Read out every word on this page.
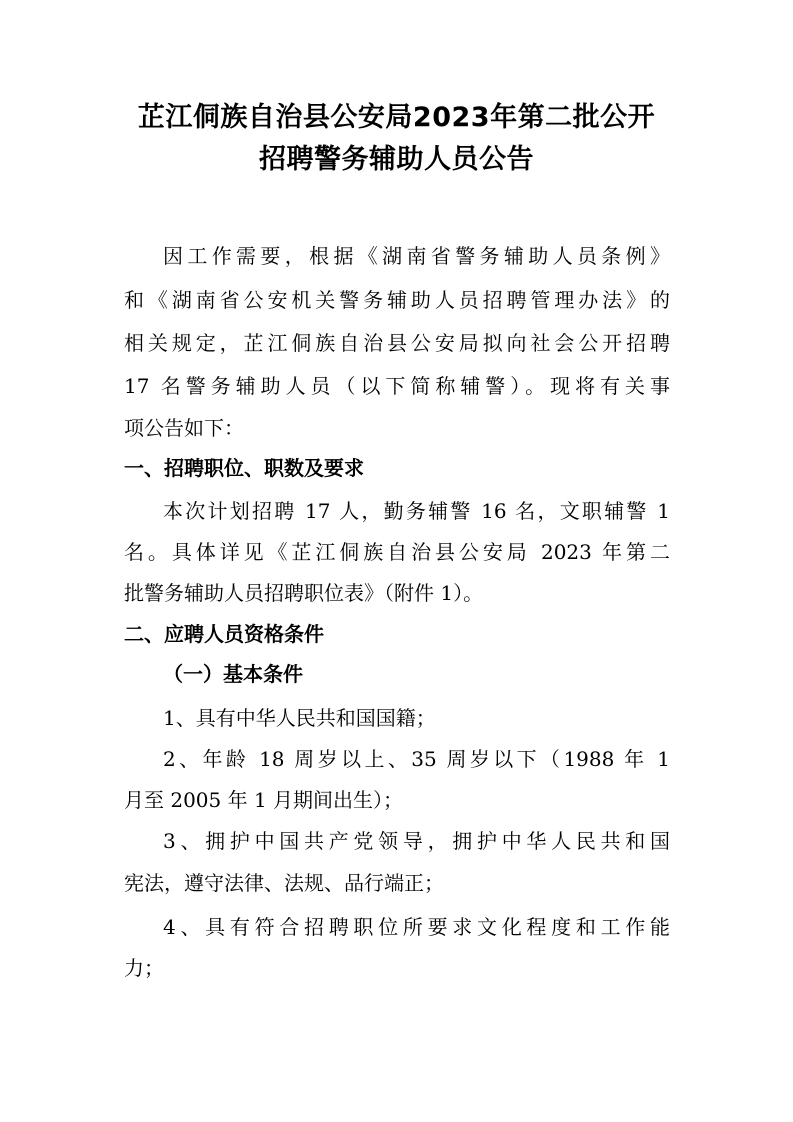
芷江侗族自治县公安局2023年第二批公开
招聘警务辅助人员公告
因工作需要，根据《湖南省警务辅助人员条例》
和《湖南省公安机关警务辅助人员招聘管理办法》的
相关规定，芷江侗族自治县公安局拟向社会公开招聘
17 名警务辅助人员（以下简称辅警）。现将有关事
项公告如下：
一、招聘职位、职数及要求
本次计划招聘 17 人，勤务辅警 16 名，文职辅警 1
名。具体详见《芷江侗族自治县公安局 2023 年第二
批警务辅助人员招聘职位表》（附件 1）。
二、应聘人员资格条件
（一）基本条件
1、具有中华人民共和国国籍；
2、年龄 18 周岁以上、35 周岁以下（1988 年 1
月至 2005 年 1 月期间出生）；
3、拥护中国共产党领导，拥护中华人民共和国
宪法，遵守法律、法规、品行端正；
4、具有符合招聘职位所要求文化程度和工作能
力；
